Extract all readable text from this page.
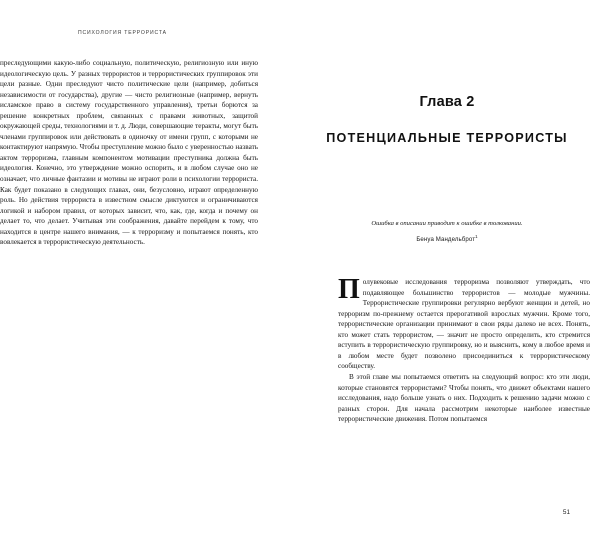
ПСИХОЛОГИЯ ТЕРРОРИСТА

преследующими какую-либо социальную, политическую, религиозную или иную идеологическую цель. У разных террористов и террористических группировок эти цели разные. Одни преследуют чисто политические цели (например, добиться независимости от государства), другие — чисто религиозные (например, вернуть исламское право в систему государственного управления), третьи борются за решение конкретных проблем, связанных с правами животных, защитой окружающей среды, технологиями и т. д. Люди, совершающие теракты, могут быть членами группировок или действовать в одиночку от имени групп, с которыми не контактируют напрямую. Чтобы преступление можно было с уверенностью назвать актом терроризма, главным компонентом мотивации преступника должна быть идеология. Конечно, это утверждение можно оспорить, и в любом случае оно не означает, что личные фантазии и мотивы не играют роли в психологии террориста. Как будет показано в следующих главах, они, безусловно, играют определенную роль. Но действия террориста в известном смысле диктуются и ограничиваются логикой и набором правил, от которых зависит, что, как, где, когда и почему он делает то, что делает. Учитывая эти соображения, давайте перейдем к тому, что находится в центре нашего внимания, — к терроризму и попытаемся понять, кто вовлекается в террористическую деятельность.

Глава 2
ПОТЕНЦИАЛЬНЫЕ ТЕРРОРИСТЫ

Ошибка в описании приводит к ошибке в толковании.

Бенуа Мандельброт$^1$

П олувековые исследования терроризма позволяют утверждать, что подавляющее большинство террористов — молодые мужчины. Террористические группировки регулярно вербуют женщин и детей, но терроризм по-прежнему остается прерогативой взрослых мужчин. Кроме того, террористические организации принимают в свои ряды далеко не всех. Понять, кто может стать террористом, — значит не просто определить, кто стремится вступить в террористическую группировку, но и выяснить, кому в любое время и в любом месте будет позволено присоединиться к террористическому сообществу.

В этой главе мы попытаемся ответить на следующий вопрос: кто эти люди, которые становятся террористами? Чтобы понять, что движет объектами нашего исследования, надо больше узнать о них. Подходить к решению задачи можно с разных сторон. Для начала рассмотрим некоторые наиболее известные террористические движения. Потом попытаемся

51
